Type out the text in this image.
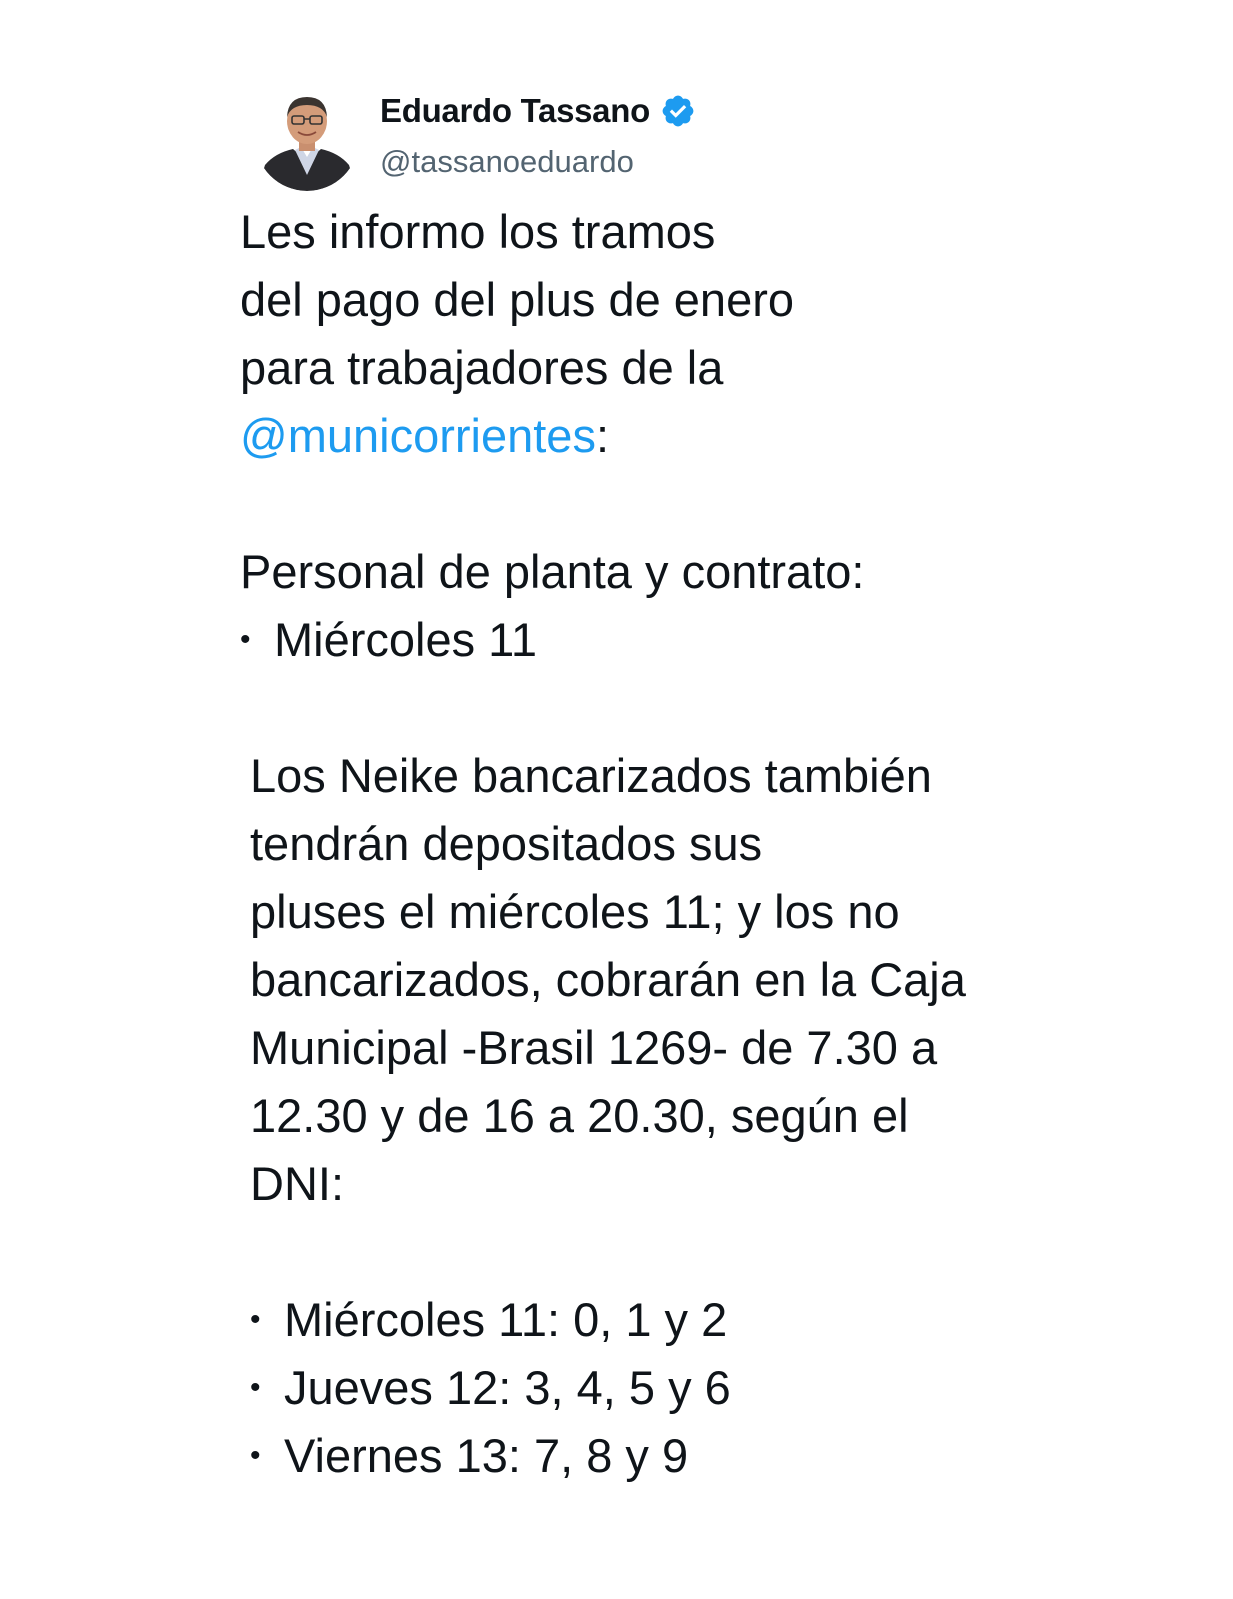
Eduardo Tassano
@tassanoeduardo
Les informo los tramos
del pago del plus de enero
para trabajadores de la
@municorrientes:
Personal de planta y contrato:
• Miércoles 11
Los Neike bancarizados también
tendrán depositados sus
pluses el miércoles 11; y los no
bancarizados, cobrarán en la Caja
Municipal -Brasil 1269- de 7.30 a
12.30 y de 16 a 20.30, según el
DNI:
• Miércoles 11: 0, 1 y 2
• Jueves 12: 3, 4, 5 y 6
• Viernes 13: 7, 8 y 9
